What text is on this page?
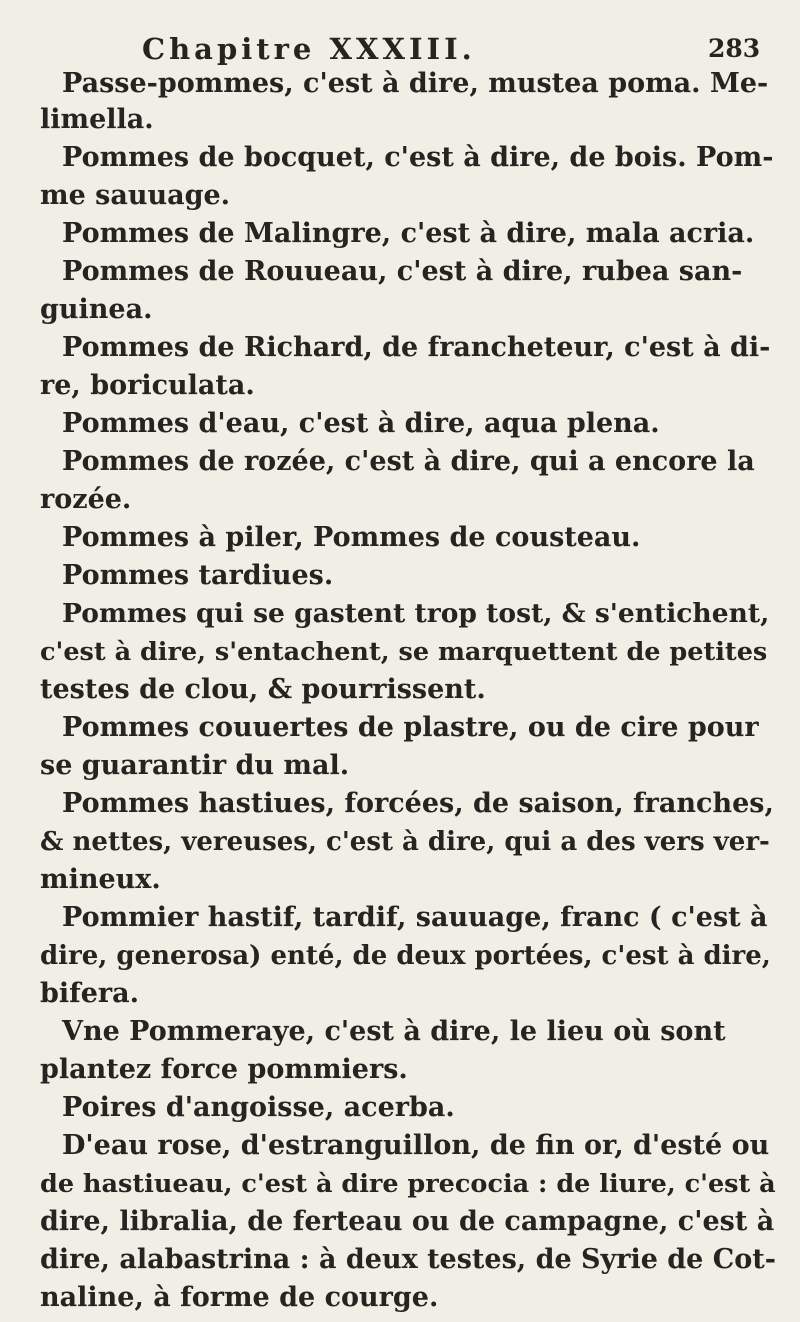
Chapitre XXXIII.	283
Passe-pommes, c'est à dire, mustea poma. Me-
limella.
Pommes de bocquet, c'est à dire, de bois. Pom-
me sauuage.
Pommes de Malingre, c'est à dire, mala acria.
Pommes de Rouueau, c'est à dire, rubea san-
guinea.
Pommes de Richard, de francheteur, c'est à di-
re, boriculata.
Pommes d'eau, c'est à dire, aqua plena.
Pommes de rozée, c'est à dire, qui a encore la
rozée.
Pommes à piler, Pommes de cousteau.
Pommes tardiues.
Pommes qui se gastent trop tost, & s'entichent,
c'est à dire, s'entachent, se marquettent de petites
testes de clou, & pourrissent.
Pommes couuertes de plastre, ou de cire pour
se guarantir du mal.
Pommes hastiues, forcées, de saison, franches,
& nettes, vereuses, c'est à dire, qui a des vers ver-
mineux.
Pommier hastif, tardif, sauuage, franc ( c'est à
dire, generosa) enté, de deux portées, c'est à dire,
bifera.
Vne Pommeraye, c'est à dire, le lieu où sont
plantez force pommiers.
Poires d'angoisse, acerba.
D'eau rose, d'estranguillon, de fin or, d'esté ou
de hastiueau, c'est à dire precocia : de liure, c'est à
dire, libralia, de ferteau ou de campagne, c'est à
dire, alabastrina : à deux testes, de Syrie de Cot-
naline, à forme de courge.
